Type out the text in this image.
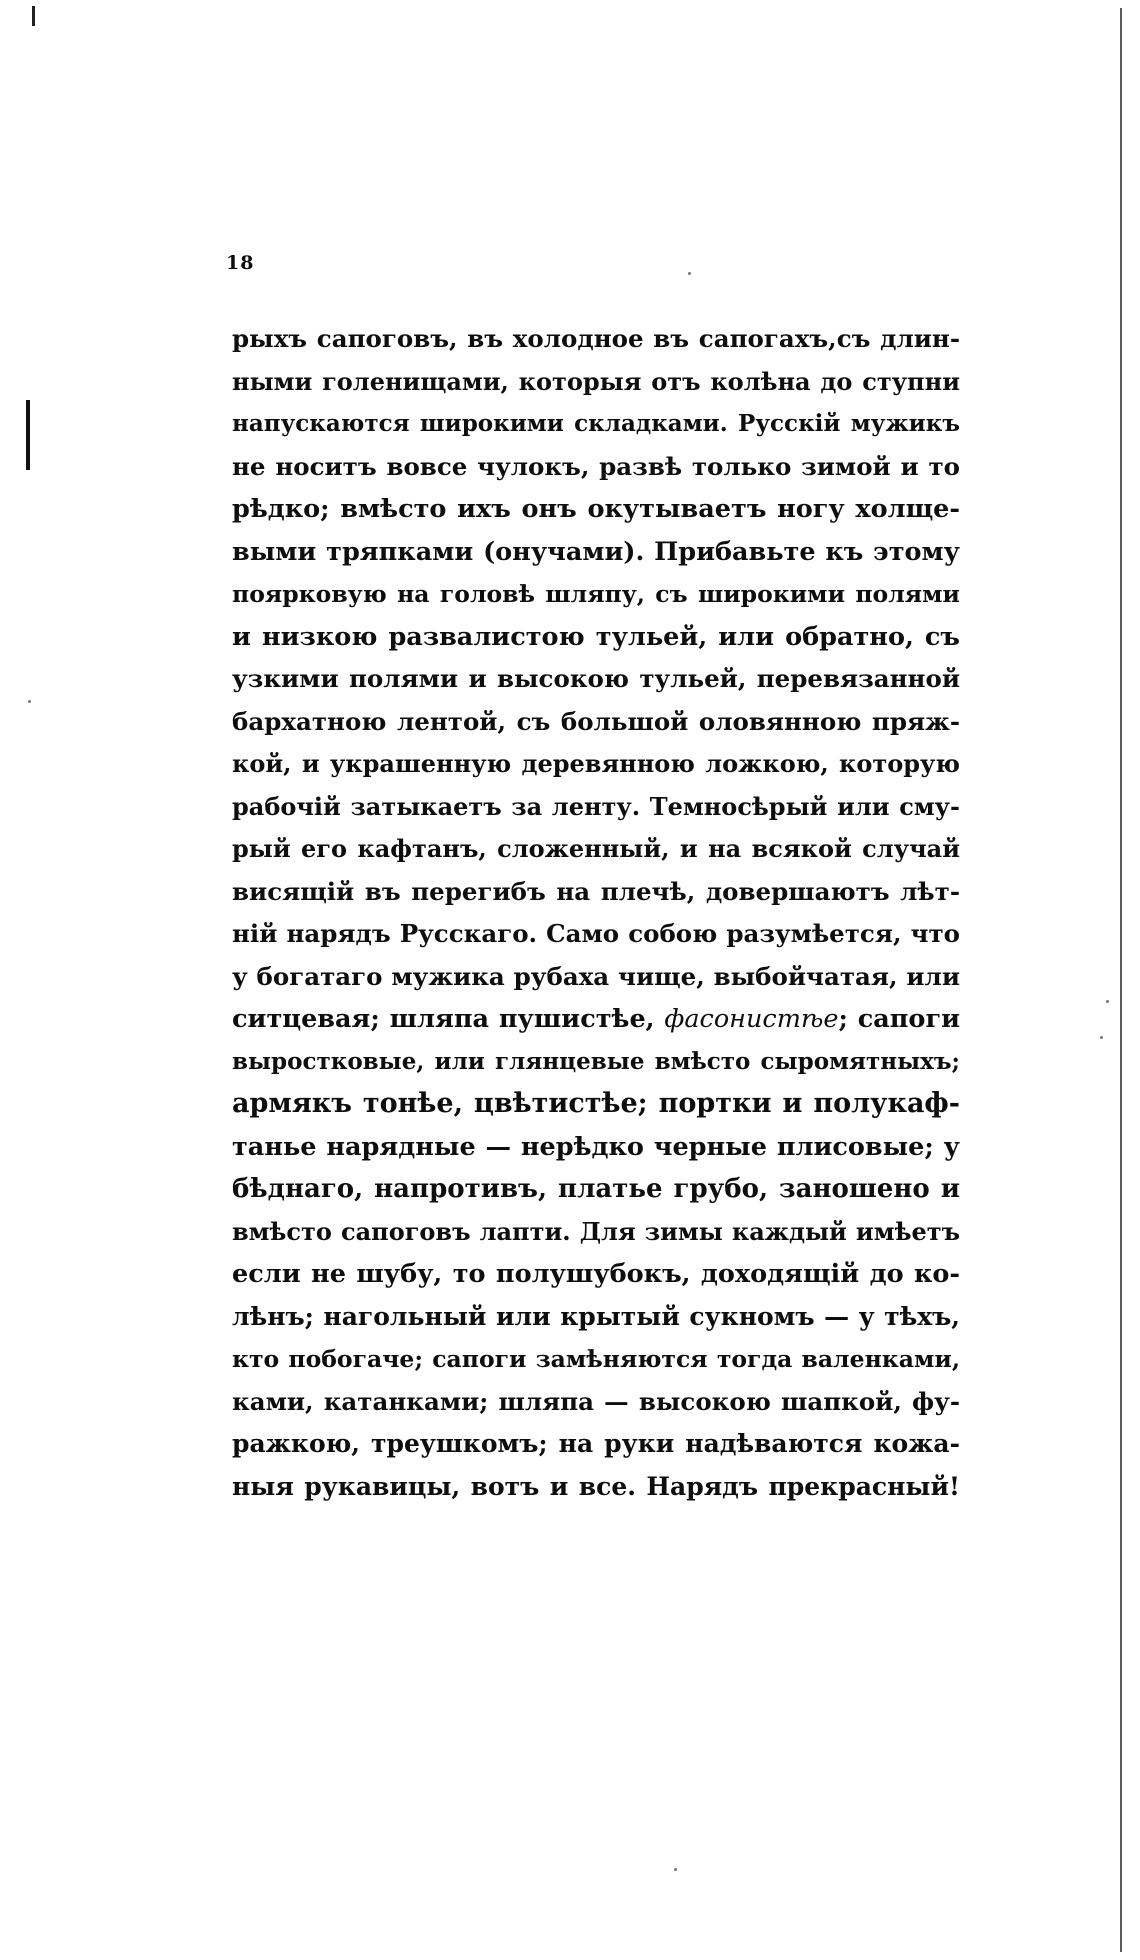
18
рыхъ сапоговъ, въ холодное въ сапогахъ,съ длин-
ными голенищами, которыя отъ колѣна до ступни
напускаются широкими складками. Русскій мужикъ
не носитъ вовсе чулокъ, развѣ только зимой и то
рѣдко; вмѣсто ихъ онъ окутываетъ ногу холще-
выми тряпками (онучами). Прибавьте къ этому
поярковую на головѣ шляпу, съ широкими полями
и низкою развалистою тульей, или обратно, съ
узкими полями и высокою тульей, перевязанной
бархатною лентой, съ большой оловянною пряж-
кой, и украшенную деревянною ложкою, которую
рабочій затыкаетъ за ленту. Темносѣрый или сму-
рый его кафтанъ, сложенный, и на всякой случай
висящій въ перегибъ на плечѣ, довершаютъ лѣт-
ній нарядъ Русскаго. Само собою разумѣется, что
у богатаго мужика рубаха чище, выбойчатая, или
ситцевая; шляпа пушистѣе, фасонистѣе; сапоги
выростковые, или глянцевые вмѣсто сыромятныхъ;
армякъ тонѣе, цвѣтистѣе; портки и полукаф-
танье нарядные — нерѣдко черные плисовые; у
бѣднаго, напротивъ, платье грубо, заношено и
вмѣсто сапоговъ лапти. Для зимы каждый имѣетъ
если не шубу, то полушубокъ, доходящій до ко-
лѣнъ; нагольный или крытый сукномъ — у тѣхъ,
кто побогаче; сапоги замѣняются тогда валенками,
ками, катанками; шляпа — высокою шапкой, фу-
ражкою, треушкомъ; на руки надѣваются кожа-
ныя рукавицы, вотъ и все. Нарядъ прекрасный!
